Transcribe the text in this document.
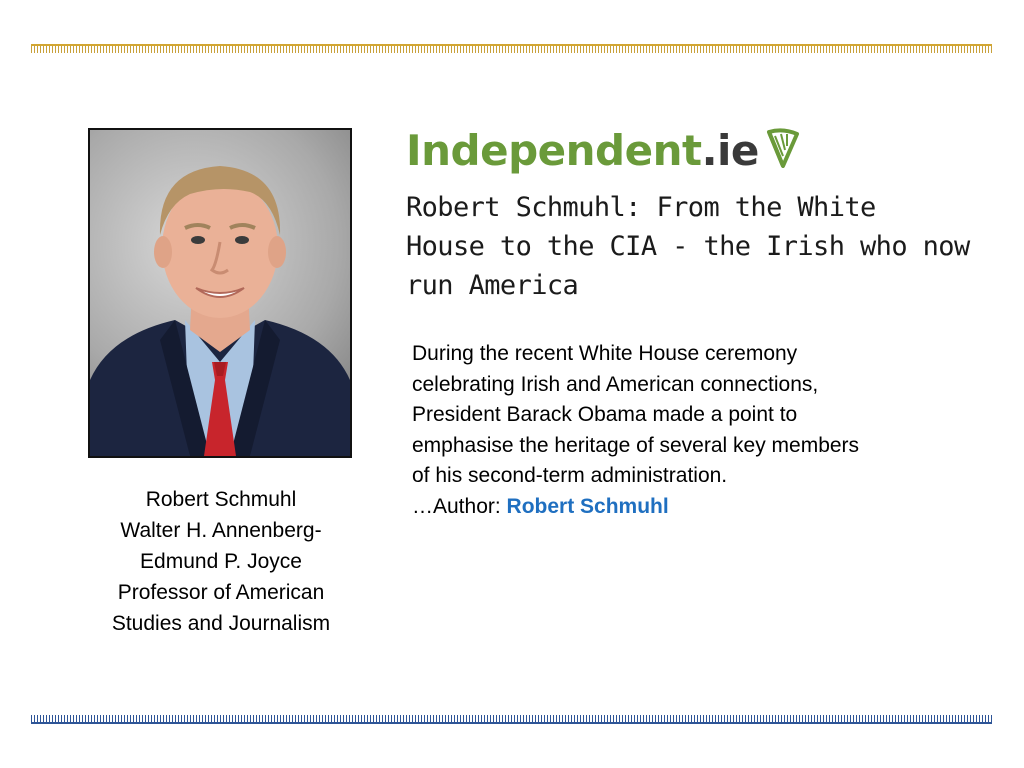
Robert Schmuhl
Walter H. Annenberg-
Edmund P. Joyce
Professor of American
Studies and Journalism
Independent .ie
Robert Schmuhl: From the White
House to the CIA - the Irish who now
run America
During the recent White House ceremony
celebrating Irish and American connections,
President Barack Obama made a point to
emphasise the heritage of several key members
of his second-term administration.
…Author: Robert Schmuhl
